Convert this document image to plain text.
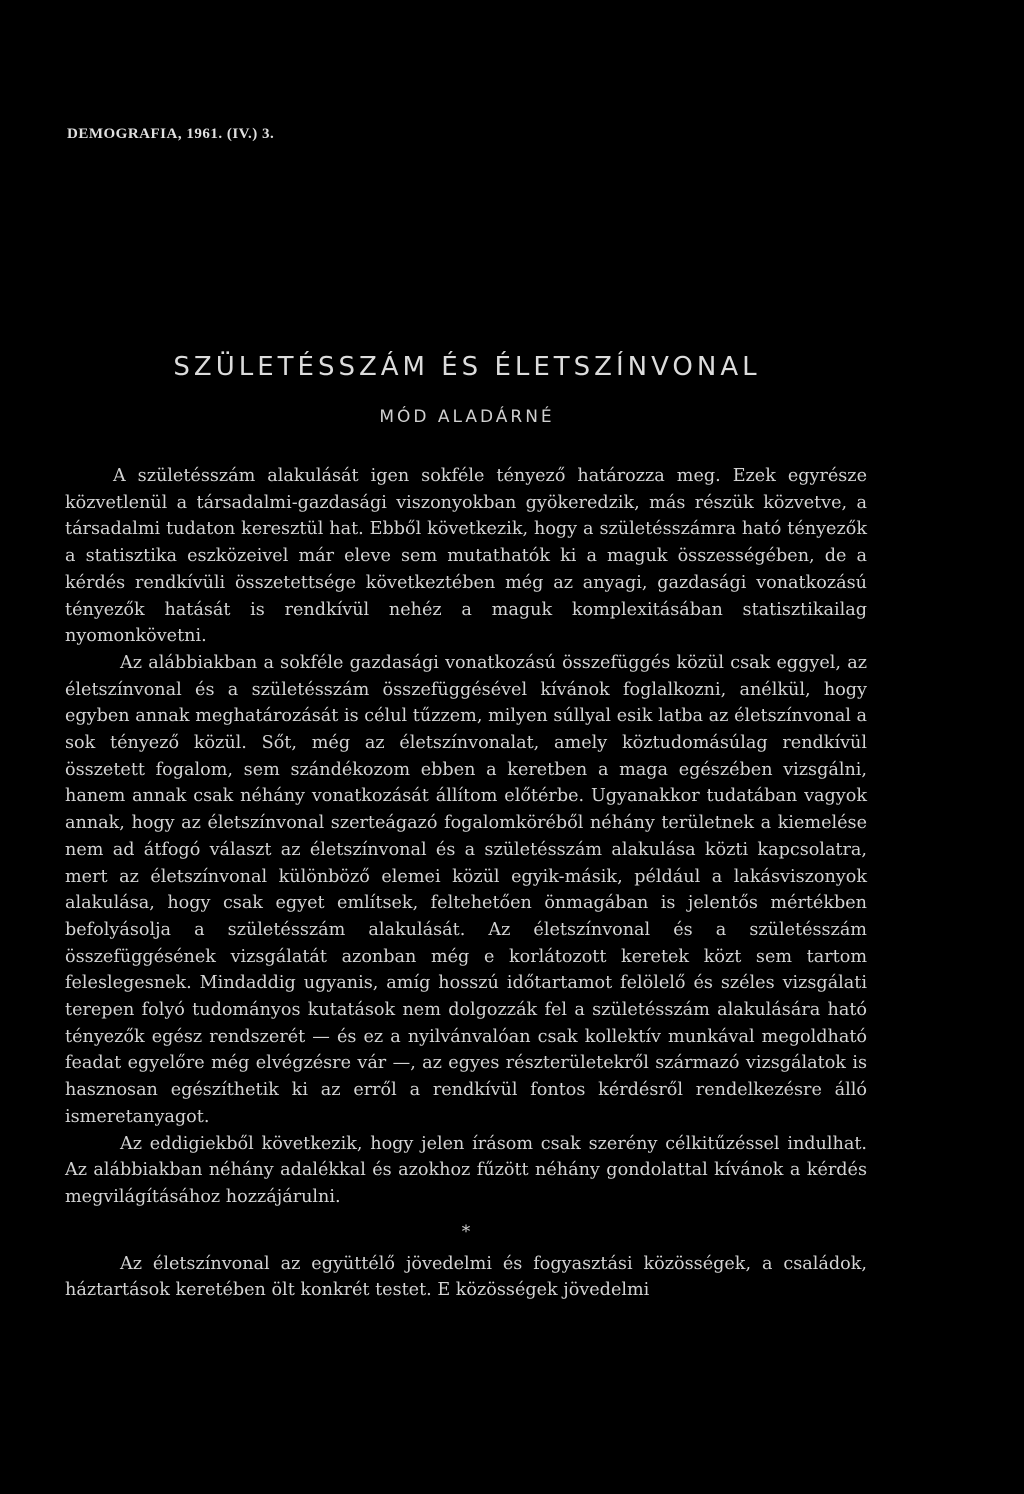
DEMOGRAFIA, 1961. (IV.) 3.
SZÜLETÉSSZÁM ÉS ÉLETSZÍNVONAL
MÓD ALADÁRNÉ

A születésszám alakulását igen sokféle tényező határozza meg. Ezek egyrésze közvetlenül a társadalmi-gazdasági viszonyokban gyökeredzik, más részük közvetve, a társadalmi tudaton keresztül hat. Ebből következik, hogy a születésszámra ható tényezők a statisztika eszközeivel már eleve sem mutathatók ki a maguk összességében, de a kérdés rendkívüli összetettsége következtében még az anyagi, gazdasági vonatkozású tényezők hatását is rendkívül nehéz a maguk komplexitásában statisztikailag nyomonkövetni.

Az alábbiakban a sokféle gazdasági vonatkozású összefüggés közül csak eggyel, az életszínvonal és a születésszám összefüggésével kívánok foglalkozni, anélkül, hogy egyben annak meghatározását is célul tűzzem, milyen súllyal esik latba az életszínvonal a sok tényező közül. Sőt, még az életszínvonalat, amely köztudomásúlag rendkívül összetett fogalom, sem szándékozom ebben a keretben a maga egészében vizsgálni, hanem annak csak néhány vonatkozását állítom előtérbe. Ugyanakkor tudatában vagyok annak, hogy az életszínvonal szerteágazó fogalomköréből néhány területnek a kiemelése nem ad átfogó választ az életszínvonal és a születésszám alakulása közti kapcsolatra, mert az életszínvonal különböző elemei közül egyik-másik, például a lakásviszonyok alakulása, hogy csak egyet említsek, feltehetően önmagában is jelentős mértékben befolyásolja a születésszám alakulását. Az életszínvonal és a születésszám összefüggésének vizsgálatát azonban még e korlátozott keretek közt sem tartom feleslegesnek. Mindaddig ugyanis, amíg hosszú időtartamot felölelő és széles vizsgálati terepen folyó tudományos kutatások nem dolgozzák fel a születésszám alakulására ható tényezők egész rendszerét — és ez a nyilvánvalóan csak kollektív munkával megoldható feadat egyelőre még elvégzésre vár —, az egyes részterületekről származó vizsgálatok is hasznosan egészíthetik ki az erről a rendkívül fontos kérdésről rendelkezésre álló ismeretanyagot.

Az eddigiekből következik, hogy jelen írásom csak szerény célkitűzéssel indulhat. Az alábbiakban néhány adalékkal és azokhoz fűzött néhány gondolattal kívánok a kérdés megvilágításához hozzájárulni.

*

Az életszínvonal az együttélő jövedelmi és fogyasztási közösségek, a családok, háztartások keretében ölt konkrét testet. E közösségek jövedelmi
